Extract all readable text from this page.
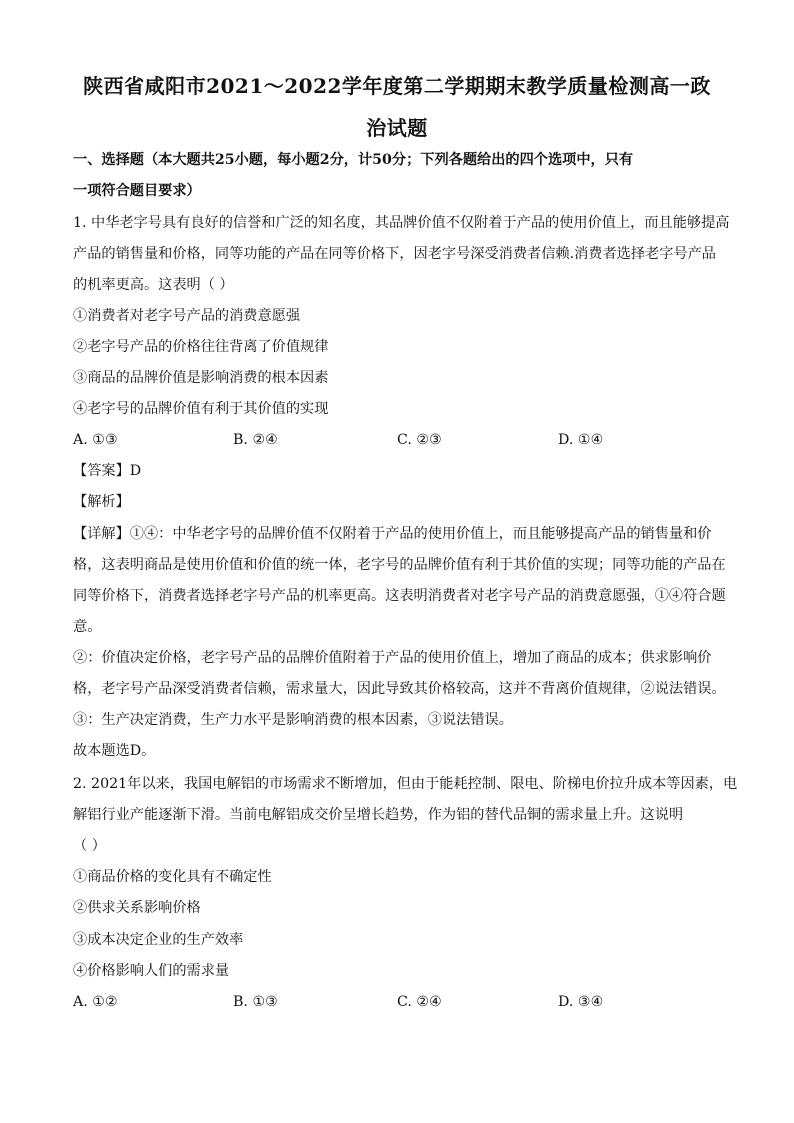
陕西省咸阳市2021～2022学年度第二学期期末教学质量检测高一政
治试题
一、选择题（本大题共25小题，每小题2分，计50分；下列各题给出的四个选项中，只有
一项符合题目要求）
1. 中华老字号具有良好的信誉和广泛的知名度，其品牌价值不仅附着于产品的使用价值上，而且能够提高
产品的销售量和价格，同等功能的产品在同等价格下，因老字号深受消费者信赖.消费者选择老字号产品
的机率更高。这表明（ ）
①消费者对老字号产品的消费意愿强
②老字号产品的价格往往背离了价值规律
③商品的品牌价值是影响消费的根本因素
④老字号的品牌价值有利于其价值的实现
A. ①③	B. ②④	C. ②③	D. ①④
【答案】D
【解析】
【详解】①④：中华老字号的品牌价值不仅附着于产品的使用价值上，而且能够提高产品的销售量和价
格，这表明商品是使用价值和价值的统一体，老字号的品牌价值有利于其价值的实现；同等功能的产品在
同等价格下，消费者选择老字号产品的机率更高。这表明消费者对老字号产品的消费意愿强，①④符合题
意。
②：价值决定价格，老字号产品的品牌价值附着于产品的使用价值上，增加了商品的成本；供求影响价
格，老字号产品深受消费者信赖，需求量大，因此导致其价格较高，这并不背离价值规律，②说法错误。
③：生产决定消费，生产力水平是影响消费的根本因素，③说法错误。
故本题选D。
2. 2021年以来，我国电解铝的市场需求不断增加，但由于能耗控制、限电、阶梯电价拉升成本等因素，电
解铝行业产能逐渐下滑。当前电解铝成交价呈增长趋势，作为铝的替代品铜的需求量上升。这说明
（ ）
①商品价格的变化具有不确定性
②供求关系影响价格
③成本决定企业的生产效率
④价格影响人们的需求量
A. ①②	B. ①③	C. ②④	D. ③④
